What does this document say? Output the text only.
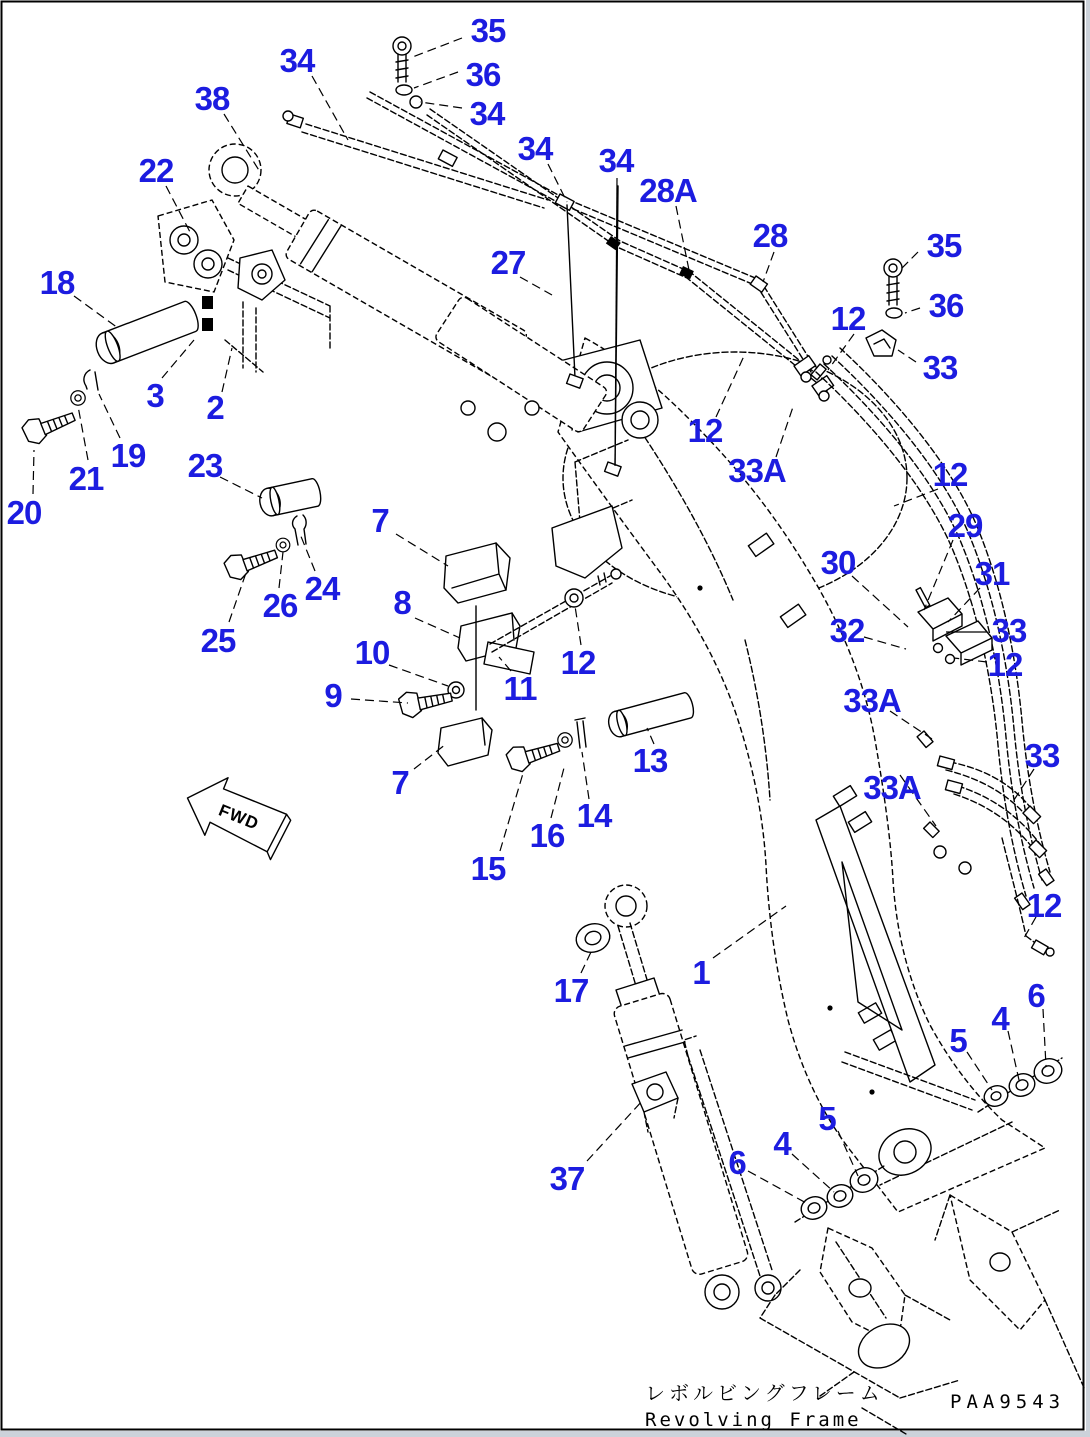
FWD
レボルビングフレーム
Revolving Frame
PAA9543
35
34	36
34
38
34 34
28A
22
28	35
36
12
33
27
18
3 2
19 23
21
20	7
24
26
25
8
10
9	11
12
12
33A	12
29
30	31
32	33
12
33A
13
33A
33
14
16
15
7
17	1
12
37	6
4
5
5
4
6
